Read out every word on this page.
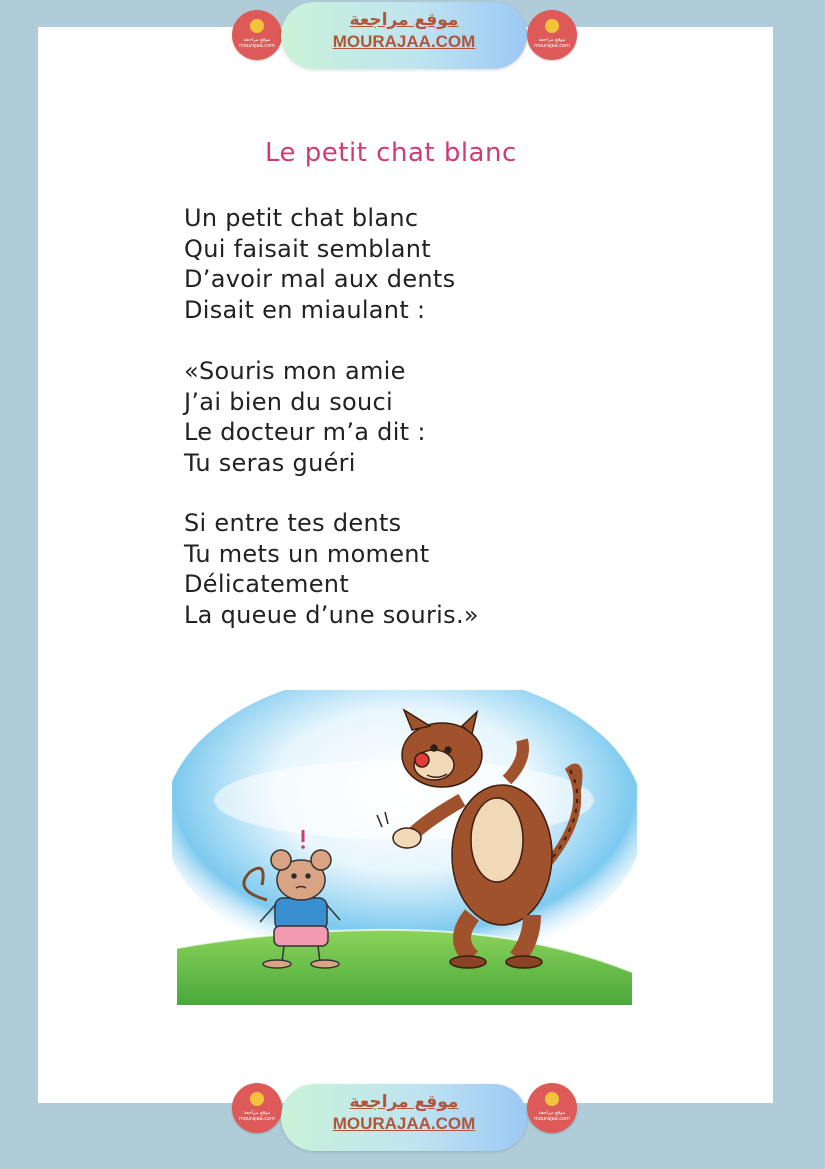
موقع مراجعة
mourajaa.com
موقع مراجعة
MOURAJAA.COM	موقع مراجعة
mourajaa.com
Le petit chat blanc
Un petit chat blanc
Qui faisait semblant
D’avoir mal aux dents
Disait en miaulant :
«Souris mon amie
J’ai bien du souci
Le docteur m’a dit :
Tu seras guéri
Si entre tes dents
Tu mets un moment
Délicatement
La queue d’une souris.»
موقع مراجعة
mourajaa.com
موقع مراجعة
MOURAJAA.COM
موقع مراجعة
mourajaa.com
